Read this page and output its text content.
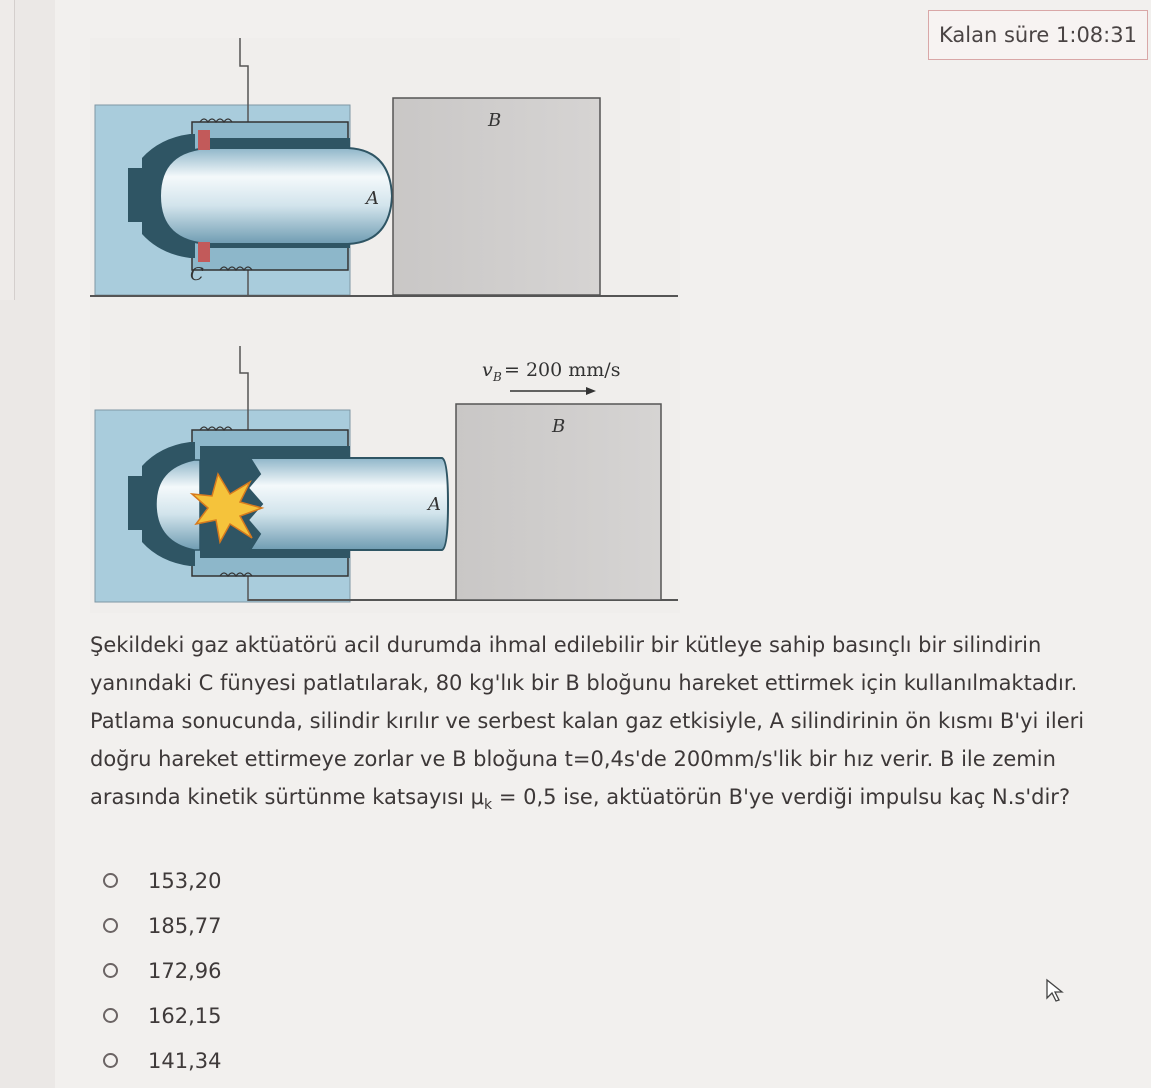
Kalan süre 1:08:31
B
A
C
B
A
v B = 200 mm/s
Şekildeki gaz aktüatörü acil durumda ihmal edilebilir bir kütleye sahip basınçlı bir silindirin
yanındaki C fünyesi patlatılarak, 80 kg'lık bir B bloğunu hareket ettirmek için kullanılmaktadır.
Patlama sonucunda, silindir kırılır ve serbest kalan gaz etkisiyle, A silindirinin ön kısmı B'yi ileri
doğru hareket ettirmeye zorlar ve B bloğuna t=0,4s'de 200mm/s'lik bir hız verir. B ile zemin
arasında kinetik sürtünme katsayısı $\mu_k = 0,5$ ise, aktüatörün B'ye verdiği impulsu kaç N.s'dir?
153,20
185,77
172,96
162,15
141,34
